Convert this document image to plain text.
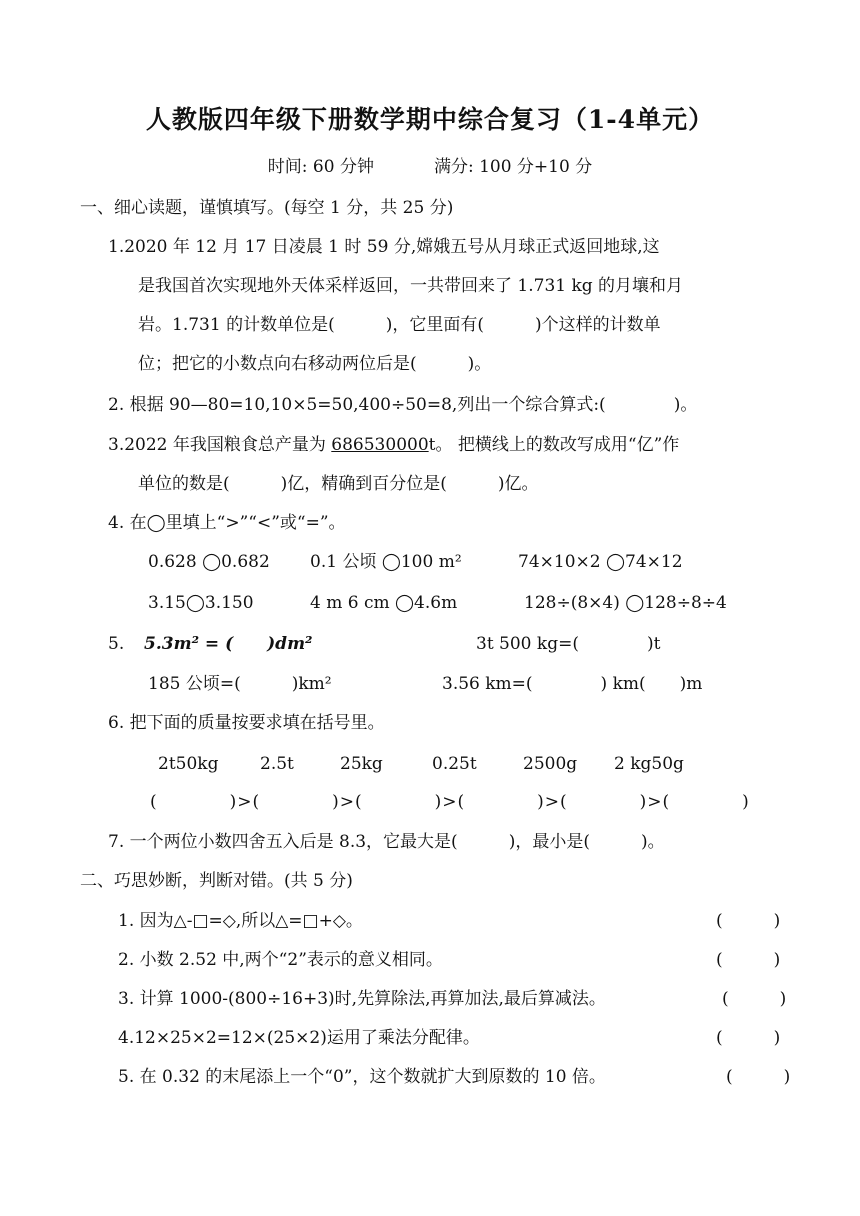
人教版四年级下册数学期中综合复习（1-4单元）
时间: 60 分钟	满分: 100 分+10 分
一、细心读题，谨慎填写。(每空 1 分，共 25 分)
1.2020 年 12 月 17 日凌晨 1 时 59 分,嫦娥五号从月球正式返回地球,这
是我国首次实现地外天体采样返回，一共带回来了 1.731 kg 的月壤和月
岩。1.731 的计数单位是(　　　)，它里面有(　　　)个这样的计数单
位；把它的小数点向右移动两位后是(　　　)。
2. 根据 90—80=10,10×5=50,400÷50=8,列出一个综合算式:(　　　　)。
3.2022 年我国粮食总产量为 686530000t。 把横线上的数改写成用“亿”作
单位的数是(　　　)亿，精确到百分位是(　　　)亿。
4. 在◯里填上“>”“<”或“=”。
0.628 ◯0.682 0.1 公顷 ◯100 m²	74×10×2 ◯74×12
3.15◯3.150	4 m 6 cm ◯4.6m	128÷(8×4) ◯128÷8÷4
5. 5.3m² = (　　)dm²	3t 500 kg=(　　　　)t
185 公顷=(　　　)km²	3.56 km=(　　　　) km(　　)m
6. 把下面的质量按要求填在括号里。
2t50kg 2.5t	25kg	0.25t	2500g 2 kg50g
(　　　　)>(　　　　)>(　　　　)>(　　　　)>(　　　　)>(　　　　)
7. 一个两位小数四舍五入后是 8.3，它最大是(　　　)，最小是(　　　)。
二、巧思妙断，判断对错。(共 5 分)
1. 因为△-□=◇,所以△=□+◇。	(　　　)
2. 小数 2.52 中,两个“2”表示的意义相同。	(　　　)
3. 计算 1000-(800÷16+3)时,先算除法,再算加法,最后算减法。	(　　　)
4.12×25×2=12×(25×2)运用了乘法分配律。	(　　　)
5. 在 0.32 的末尾添上一个“0”，这个数就扩大到原数的 10 倍。	(　　　)
